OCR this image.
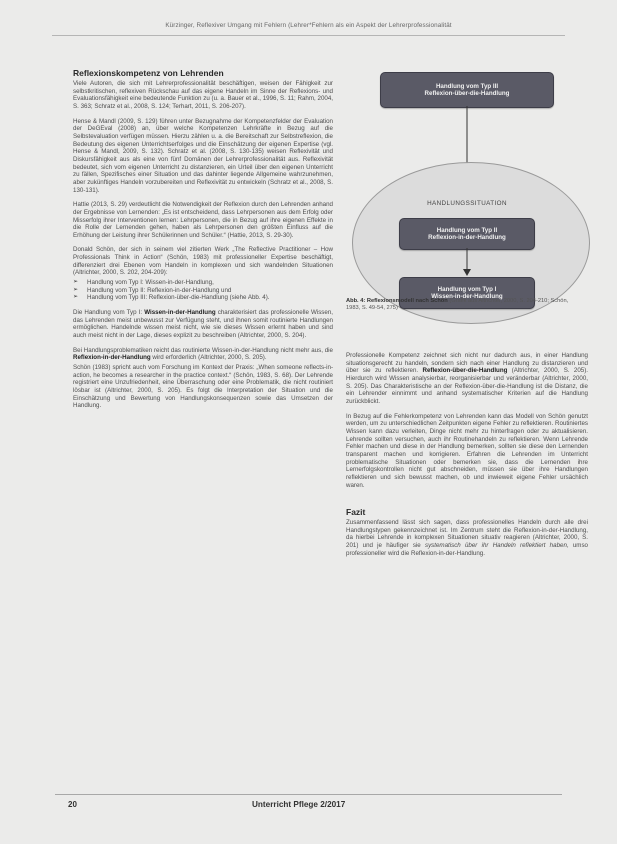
Kürzinger, Reflexiver Umgang mit Fehlern (Lehrer*Fehlern als ein Aspekt der Lehrerprofessionalität
Reflexionskompetenz von Lehrenden

Viele Autoren, die sich mit Lehrerprofessionalität beschäftigen, weisen der Fähigkeit zur selbstkritischen, reflexiven Rückschau auf das eigene Handeln im Sinne der Reflexions- und Evaluationsfähigkeit eine bedeutende Funktion zu (u. a. Bauer et al., 1996, S. 11; Rahm, 2004, S. 363; Schratz et al., 2008, S. 124; Terhart, 2011, S. 206-207).

Hense & Mandl (2009, S. 129) führen unter Bezugnahme der Kompetenzfelder der Evaluation der DeGEval (2008) an, über welche Kompetenzen Lehrkräfte in Bezug auf die Selbstevaluation verfügen müssen. Hierzu zählen u. a. die Bereitschaft zur Selbstreflexion, die Bedeutung des eigenen Unterrichtserfolges und die Einschätzung der eigenen Expertise (vgl. Hense & Mandl, 2009, S. 132). Schratz et al. (2008, S. 130-135) weisen Reflexivität und Diskursfähigkeit aus als eine von fünf Domänen der Lehrerprofessionalität aus. Reflexivität bedeutet, sich vom eigenen Unterricht zu distanzieren, ein Urteil über den eigenen Unterricht zu fällen, Spezifisches einer Situation und das dahinter liegende Allgemeine wahrzunehmen, aber zukünftiges Handeln vorzubereiten und Reflexivität zu entwickeln (Schratz et al., 2008, S. 130-131).

Hattie (2013, S. 29) verdeutlicht die Notwendigkeit der Reflexion durch den Lehrenden anhand der Ergebnisse von Lernenden: „Es ist entscheidend, dass Lehrpersonen aus dem Erfolg oder Misserfolg ihrer Interventionen lernen: Lehrpersonen, die in Bezug auf ihre eigenen Effekte in die Rolle der Lernenden gehen, haben als Lehrpersonen den größten Einfluss auf die Erhöhung der Leistung ihrer Schülerinnen und Schüler.“ (Hattie, 2013, S. 29-30).

Donald Schön, der sich in seinem viel zitierten Werk „The Reflective Practitioner – How Professionals Think in Action“ (Schön, 1983) mit professioneller Expertise beschäftigt, differenziert drei Ebenen vom Handeln in komplexen und sich wandelnden Situationen (Altrichter, 2000, S. 202, 204-209):

➢ Handlung vom Typ I: Wissen-in-der-Handlung,
➢ Handlung vom Typ II: Reflexion-in-der-Handlung und
➢ Handlung vom Typ III: Reflexion-über-die-Handlung (siehe Abb. 4).

Die Handlung vom Typ I: Wissen-in-der-Handlung charakterisiert das professionelle Wissen, das Lehrenden meist unbewusst zur Verfügung steht, und ihnen somit routinierte Handlungen ermöglichen. Handelnde wissen meist nicht, wie sie dieses Wissen erlernt haben und sind auch meist nicht in der Lage, dieses explizit zu beschreiben (Altrichter, 2000, S. 204).

Bei Handlungsproblematiken reicht das routinierte Wissen-in-der-Handlung nicht mehr aus, die Reflexion-in-der-Handlung wird erforderlich (Altrichter, 2000, S. 205).

Schön (1983) spricht auch vom Forschung im Kontext der Praxis: „When someone reflects-in-action, he becomes a researcher in the practice context.“ (Schön, 1983, S. 68). Der Lehrende registriert eine Unzufriedenheit, eine Überraschung oder eine Problematik, die nicht routiniert lösbar ist (Altrichter, 2000, S. 205). Es folgt die Interpretation der Situation und die Einschätzung und Bewertung von Handlungskonsequenzen sowie das Umsetzen der Handlung.

Handlung vom Typ III
Reflexion-über-die-Handlung
HANDLUNGSSITUATION
Handlung vom Typ II
Reflexion-in-der-Handlung
Handlung vom Typ I
Wissen-in-der-Handlung
Abb. 4: Reflexionsmodell nach Schön (Grafik aus Altrichter, 2000, S. 204-210; Schön, 1983, S. 49-54, 275)

Professionelle Kompetenz zeichnet sich nicht nur dadurch aus, in einer Handlung situationsgerecht zu handeln, sondern sich nach einer Handlung zu distanzieren und über sie zu reflektieren. Reflexion-über-die-Handlung (Altrichter, 2000, S. 205). Hierdurch wird Wissen analysierbar, reorganisierbar und veränderbar (Altrichter, 2000, S. 205). Das Charakteristische an der Reflexion-über-die-Handlung ist die Distanz, die ein Lehrender einnimmt und anhand systematischer Kriterien auf die Handlung zurückblickt.

In Bezug auf die Fehlerkompetenz von Lehrenden kann das Modell von Schön genutzt werden, um zu unterschiedlichen Zeitpunkten eigene Fehler zu reflektieren. Routiniertes Wissen kann dazu verleiten, Dinge nicht mehr zu hinterfragen oder zu aktualisieren. Lehrende sollten versuchen, auch ihr Routinehandeln zu reflektieren. Wenn Lehrende Fehler machen und diese in der Handlung bemerken, sollten sie diese den Lernenden transparent machen und korrigieren. Erfahren die Lehrenden im Unterricht problematische Situationen oder bemerken sie, dass die Lernenden ihre Lernerfolgskontrollen nicht gut abschneiden, müssen sie über ihre Handlungen reflektieren und sich bewusst machen, ob und inwieweit eigene Fehler ursächlich waren.

Fazit

Zusammenfassend lässt sich sagen, dass professionelles Handeln durch alle drei Handlungstypen gekennzeichnet ist. Im Zentrum steht die Reflexion-in-der-Handlung, da hierbei Lehrende in komplexen Situationen situativ reagieren (Altrichter, 2000, S. 201) und je häufiger sie systematisch über ihr Handeln reflektiert haben, umso professioneller wird die Reflexion-in-der-Handlung.

20	Unterricht Pflege 2/2017
